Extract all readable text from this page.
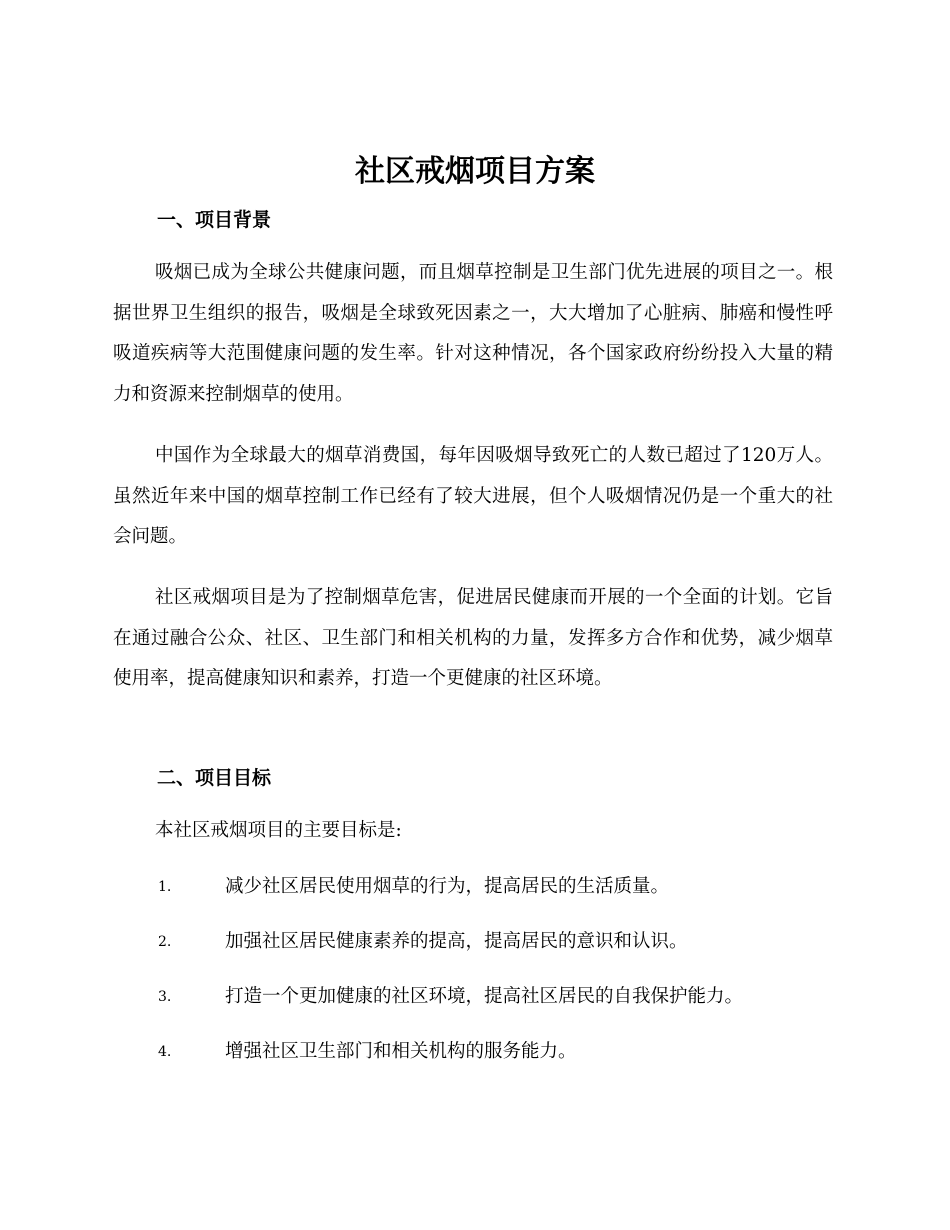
社区戒烟项目方案
一、项目背景

吸烟已成为全球公共健康问题，而且烟草控制是卫生部门优先进展的项目之一。根据世界卫生组织的报告，吸烟是全球致死因素之一，大大增加了心脏病、肺癌和慢性呼吸道疾病等大范围健康问题的发生率。针对这种情况，各个国家政府纷纷投入大量的精力和资源来控制烟草的使用。

中国作为全球最大的烟草消费国，每年因吸烟导致死亡的人数已超过了120万人。虽然近年来中国的烟草控制工作已经有了较大进展，但个人吸烟情况仍是一个重大的社会问题。

社区戒烟项目是为了控制烟草危害，促进居民健康而开展的一个全面的计划。它旨在通过融合公众、社区、卫生部门和相关机构的力量，发挥多方合作和优势，减少烟草使用率，提高健康知识和素养，打造一个更健康的社区环境。

二、项目目标

本社区戒烟项目的主要目标是:

1.	减少社区居民使用烟草的行为，提高居民的生活质量。
2.	加强社区居民健康素养的提高，提高居民的意识和认识。
3.	打造一个更加健康的社区环境，提高社区居民的自我保护能力。
4.	增强社区卫生部门和相关机构的服务能力。
